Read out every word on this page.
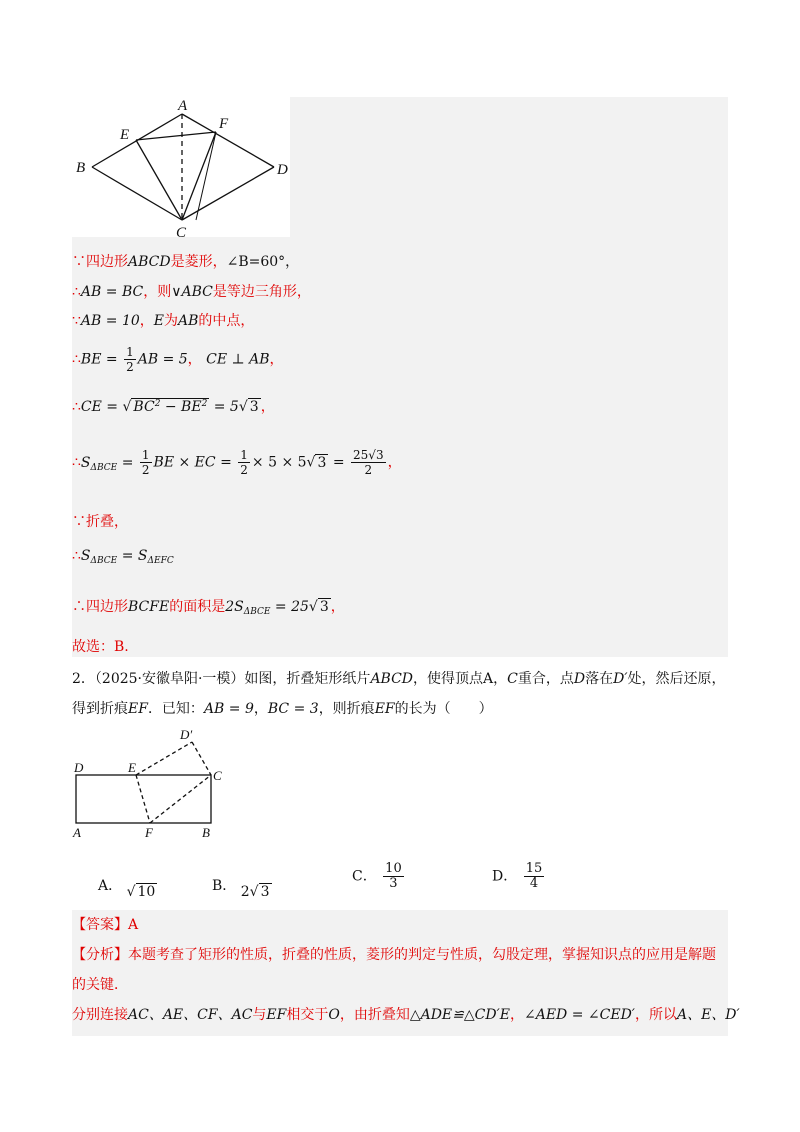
A
B
C
D
E
F
∵四边形ABCD是菱形，∠B=60°，
∴AB = BC，则∨ABC是等边三角形，
∵AB = 10，E为AB的中点，
∴BE = $\frac{1}{2}$ AB = 5， CE ⊥ AB，
∴CE = √ $BC^2 - BE^2 = 5√$ 3 ，
$\therefore S_{\Delta BCE} = \frac{1}{2}$ BE × EC = $\frac{1}{2} \times 5 \times 5√$ $3 = \frac{25√3}{2}$ ，
∵折叠，
$\therefore S_{\Delta BCE} = S_{\Delta EFC}$
∴四边形BCFE的面积是$2S_{\Delta BCE} = 25√$ 3 ，
故选：B.
2．（2025·安徽阜阳·一模）如图，折叠矩形纸片ABCD，使得顶点A，C重合，点D落在D′处，然后还原，
得到折痕EF．已知：AB = 9，BC = 3，则折痕EF的长为（　　）
D′
D	E
C
A	F	B
A． √ 10	B． 2√ 3
C． $\frac{10}{3}$	D． $\frac{15}{4}$
【答案】A
【分析】本题考查了矩形的性质，折叠的性质，菱形的判定与性质，勾股定理，掌握知识点的应用是解题
的关键．
分别连接AC、AE、CF、AC与EF相交于O，由折叠知△ADE≌△CD′E，∠AED = ∠CED′，所以A、E、D′
